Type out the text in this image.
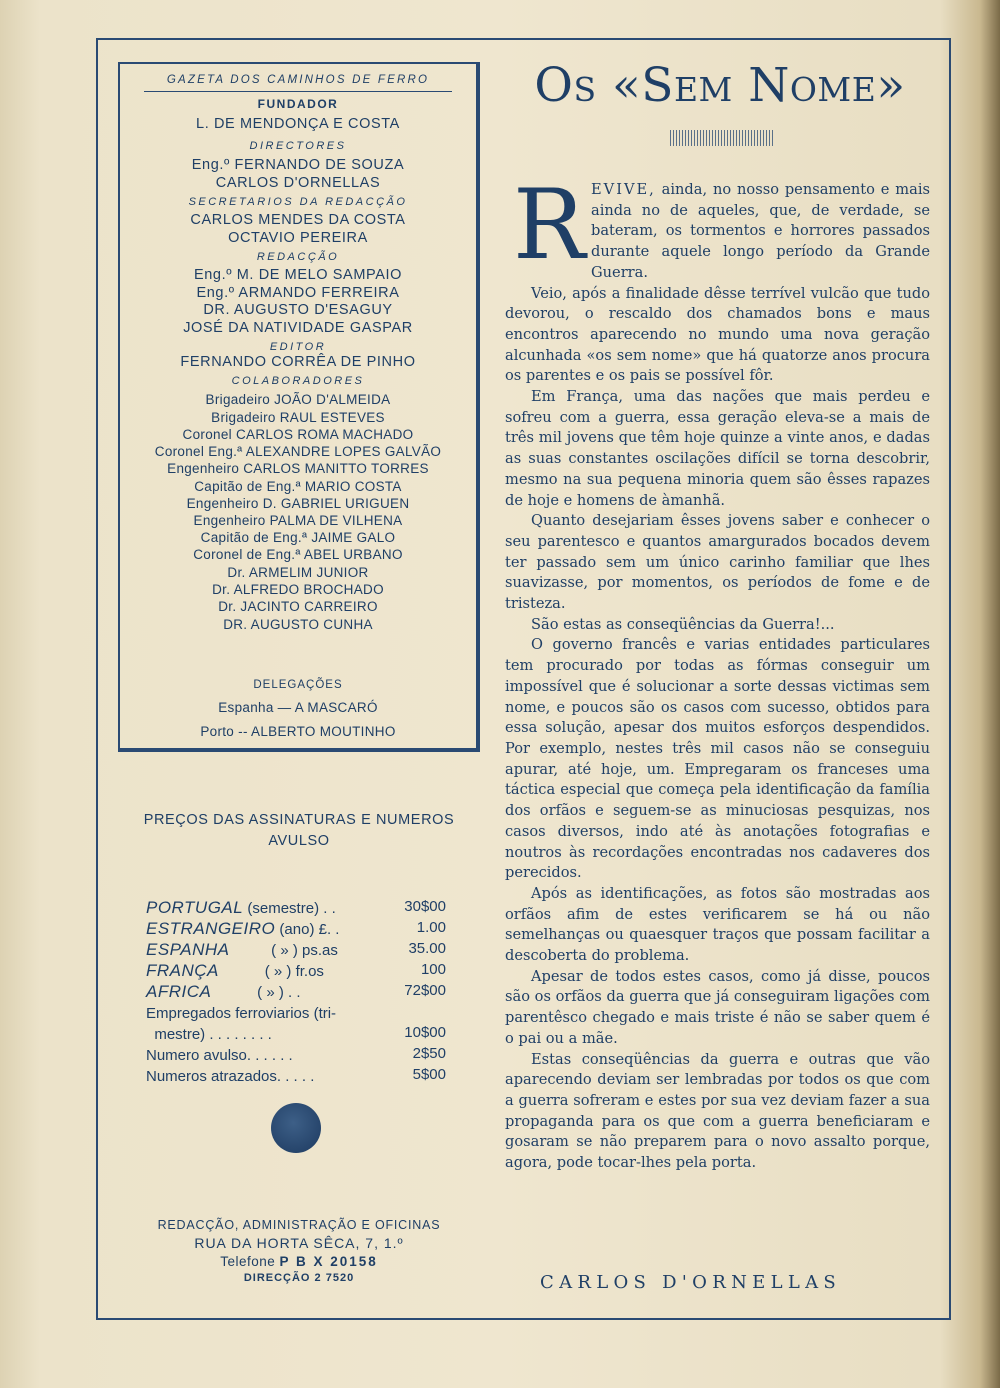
GAZETA DOS CAMINHOS DE FERRO
FUNDADOR
L. DE MENDONÇA E COSTA
DIRECTORES
Eng.º FERNANDO DE SOUZA
CARLOS D'ORNELLAS
SECRETARIOS DA REDACÇÃO
CARLOS MENDES DA COSTA
OCTAVIO PEREIRA
REDACÇÃO
Eng.º M. DE MELO SAMPAIO
Eng.º ARMANDO FERREIRA
DR. AUGUSTO D'ESAGUY
JOSÉ DA NATIVIDADE GASPAR
EDITOR
FERNANDO CORRÊA DE PINHO
COLABORADORES
Brigadeiro JOÃO D'ALMEIDA
Brigadeiro RAUL ESTEVES
Coronel CARLOS ROMA MACHADO
Coronel Eng.ª ALEXANDRE LOPES GALVÃO
Engenheiro CARLOS MANITTO TORRES
Capitão de Eng.ª MARIO COSTA
Engenheiro D. GABRIEL URIGUEN
Engenheiro PALMA DE VILHENA
Capitão de Eng.ª JAIME GALO
Coronel de Eng.ª ABEL URBANO
Dr. ARMELIM JUNIOR
Dr. ALFREDO BROCHADO
Dr. JACINTO CARREIRO
DR. AUGUSTO CUNHA
DELEGAÇÕES
Espanha — A MASCARÓ
Porto -- ALBERTO MOUTINHO
PREÇOS DAS ASSINATURAS E NUMEROS
AVULSO
PORTUGAL (semestre) . .	30$00
ESTRANGEIRO (ano) £. .	1.00
ESPANHA          ( » ) ps.as	35.00
FRANÇA           ( » ) fr.os	100
AFRICA           ( » ) . .	72$00
Empregados ferroviarios (tri-
mestre) . . . . . . . .	10$00
Numero avulso. . . . . .	2$50
Numeros atrazados. . . . .	5$00
REDACÇÃO, ADMINISTRAÇÃO E OFICINAS
RUA DA HORTA SÊCA, 7, 1.º
Telefone P B X 20158
DIRECÇÃO 2 7520
Os «Sem Nome»
R EVIVE, ainda, no nosso pensamento e mais ainda no de aqueles, que, de verdade, se bateram, os tormentos e horrores passados durante aquele longo período da Grande Guerra.

Veio, após a finalidade dêsse terrível vulcão que tudo devorou, o rescaldo dos chamados bons e maus encontros aparecendo no mundo uma nova geração alcunhada «os sem nome» que há quatorze anos procura os parentes e os pais se possível fôr.

Em França, uma das nações que mais perdeu e sofreu com a guerra, essa geração eleva-se a mais de três mil jovens que têm hoje quinze a vinte anos, e dadas as suas constantes oscilações difícil se torna descobrir, mesmo na sua pequena minoria quem são êsses rapazes de hoje e homens de àmanhã.

Quanto desejariam êsses jovens saber e conhecer o seu parentesco e quantos amargurados bocados devem ter passado sem um único carinho familiar que lhes suavizasse, por momentos, os períodos de fome e de tristeza.

São estas as conseqüências da Guerra!...

O governo francês e varias entidades particulares tem procurado por todas as fórmas conseguir um impossível que é solucionar a sorte dessas victimas sem nome, e poucos são os casos com sucesso, obtidos para essa solução, apesar dos muitos esforços despendidos. Por exemplo, nestes três mil casos não se conseguiu apurar, até hoje, um. Empregaram os franceses uma táctica especial que começa pela identificação da família dos orfãos e seguem-se as minuciosas pesquizas, nos casos diversos, indo até às anotações fotografias e noutros às recordações encontradas nos cadaveres dos perecidos.

Após as identificações, as fotos são mostradas aos orfãos afim de estes verificarem se há ou não semelhanças ou quaesquer traços que possam facilitar a descoberta do problema.

Apesar de todos estes casos, como já disse, poucos são os orfãos da guerra que já conseguiram ligações com parentêsco chegado e mais triste é não se saber quem é o pai ou a mãe.

Estas conseqüências da guerra e outras que vão aparecendo deviam ser lembradas por todos os que com a guerra sofreram e estes por sua vez deviam fazer a sua propaganda para os que com a guerra beneficiaram e gosaram se não preparem para o novo assalto porque, agora, pode tocar-lhes pela porta.

CARLOS D'ORNELLAS
